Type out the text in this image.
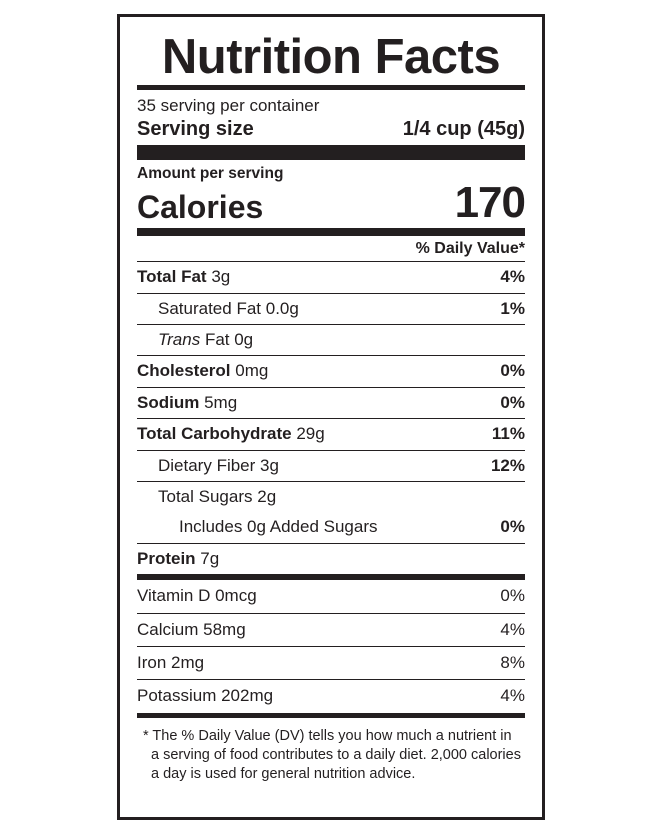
Nutrition Facts
35 serving per container
Serving size	1/4 cup (45g)
Amount per serving
Calories	170
% Daily Value*
Total Fat 3g	4%
Saturated Fat 0.0g	1%
Trans Fat 0g
Cholesterol 0mg	0%
Sodium 5mg	0%
Total Carbohydrate 29g	11%
Dietary Fiber 3g	12%
Total Sugars 2g
Includes 0g Added Sugars	0%
Protein 7g
Vitamin D 0mcg	0%
Calcium 58mg	4%
Iron 2mg	8%
Potassium 202mg	4%
* The % Daily Value (DV) tells you how much a nutrient in a serving of food contributes to a daily diet. 2,000 calories a day is used for general nutrition advice.
